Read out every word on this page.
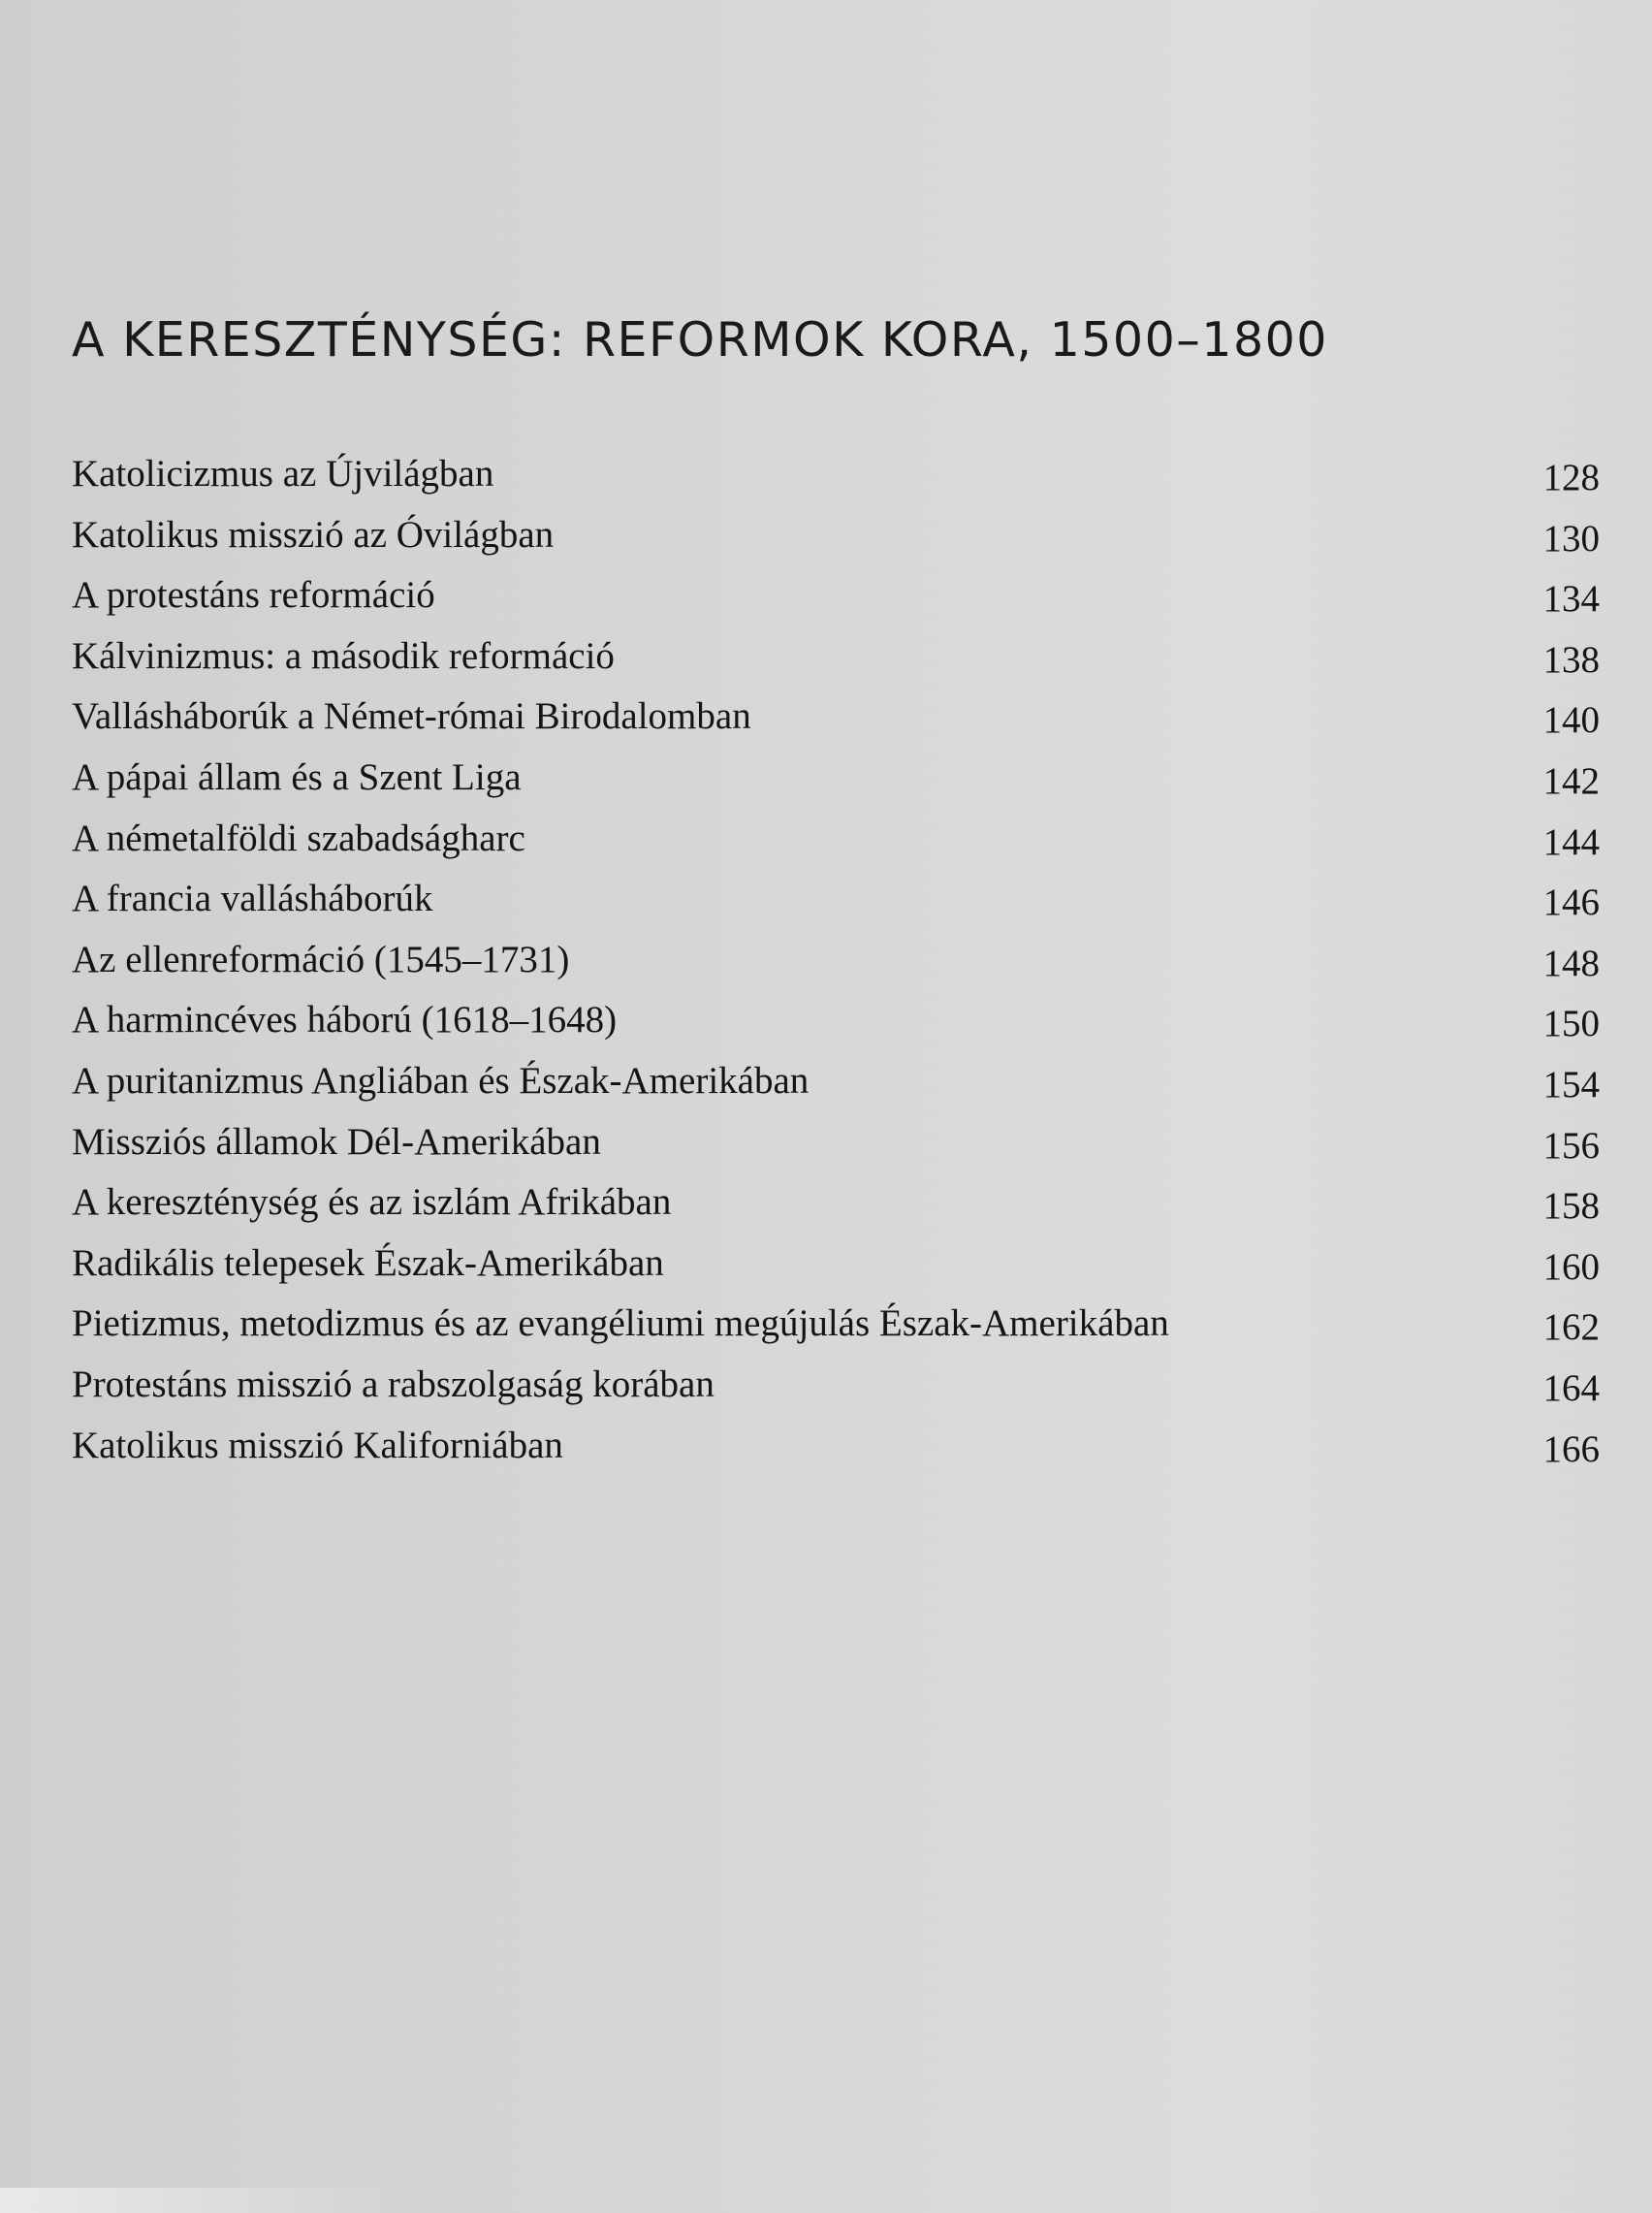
A KERESZTÉNYSÉG: REFORMOK KORA, 1500–1800
Katolicizmus az Újvilágban	128
Katolikus misszió az Óvilágban	130
A protestáns reformáció	134
Kálvinizmus: a második reformáció	138
Vallásháborúk a Német-római Birodalomban	140
A pápai állam és a Szent Liga	142
A németalföldi szabadságharc	144
A francia vallásháborúk	146
Az ellenreformáció (1545–1731)	148
A harmincéves háború (1618–1648)	150
A puritanizmus Angliában és Észak-Amerikában	154
Missziós államok Dél-Amerikában	156
A kereszténység és az iszlám Afrikában	158
Radikális telepesek Észak-Amerikában	160
Pietizmus, metodizmus és az evangéliumi megújulás Észak-Amerikában	162
Protestáns misszió a rabszolgaság korában	164
Katolikus misszió Kaliforniában	166
